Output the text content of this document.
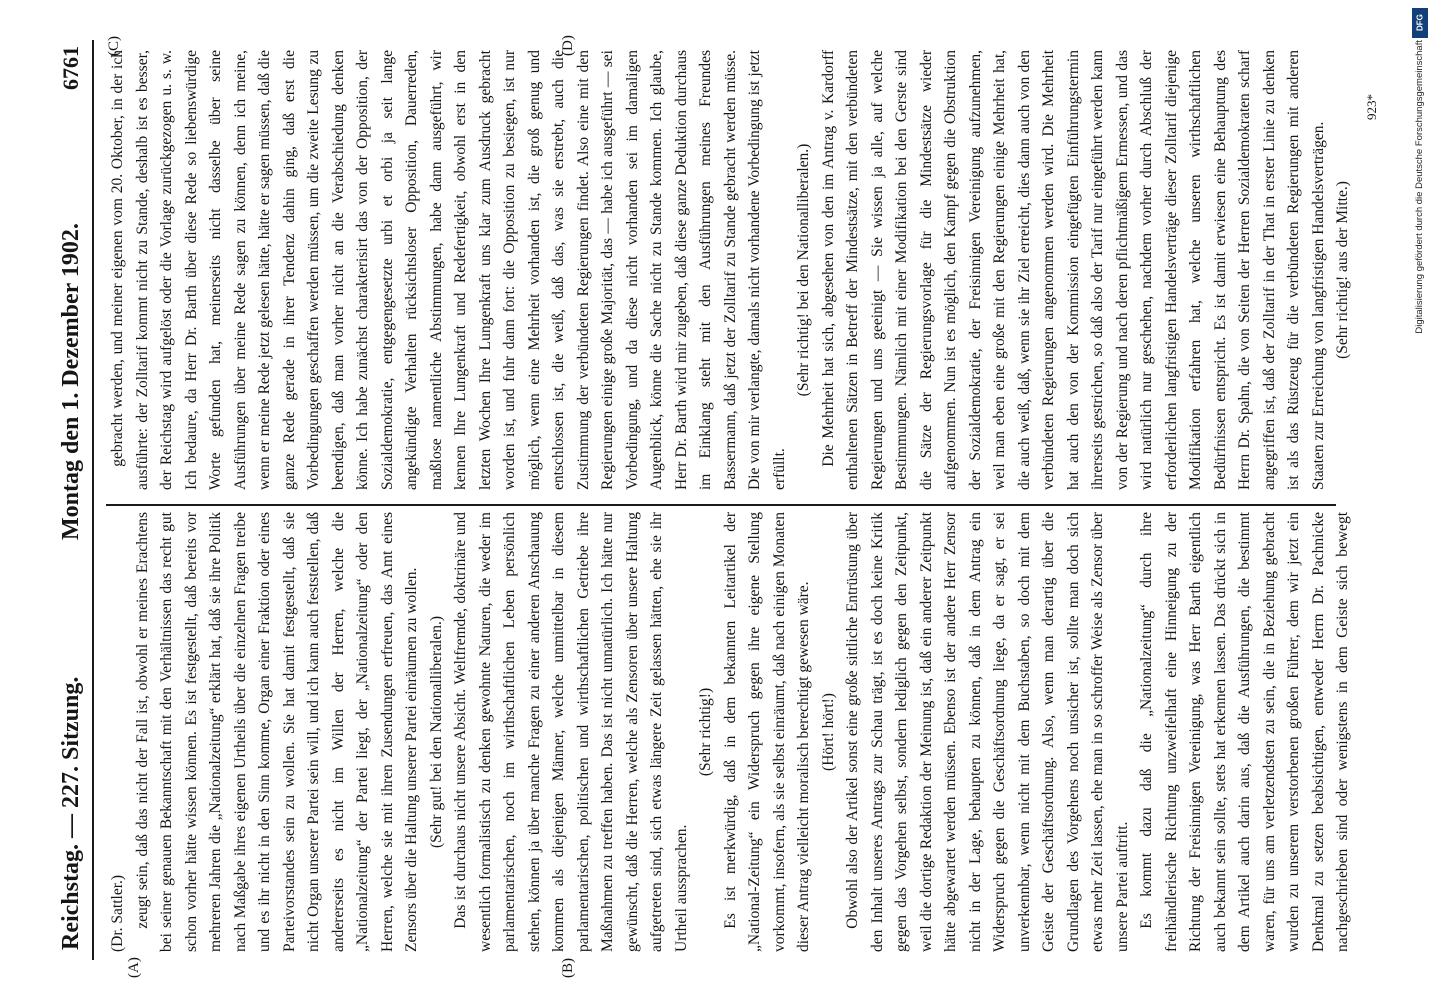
Reichstag. — 227. Sitzung.
Montag den 1. Dezember 1902.
6761
(A)	(B)
(C)	(D)

(Dr. Sattler.) zeugt sein, daß das nicht der Fall ist, obwohl er meines Erachtens bei seiner genauen Bekanntschaft mit den Verhältnissen das recht gut schon vorher hätte wissen können. Es ist festgestellt, daß bereits vor mehreren Jahren die „Nationalzeitung“ erklärt hat, daß sie ihre Politik nach Maßgabe ihres eigenen Urtheils über die einzelnen Fragen treibe und es ihr nicht in den Sinn komme, Organ einer Fraktion oder eines Parteivorstandes sein zu wollen. Sie hat damit festgestellt, daß sie nicht Organ unserer Partei sein will, und ich kann auch feststellen, daß andererseits es nicht im Willen der Herren, welche die „Nationalzeitung“ der Partei liegt, der „Nationalzeitung“ oder den Herren, welche sie mit ihren Zusendungen erfreuen, das Amt eines Zensors über die Haltung unserer Partei einräumen zu wollen. (Sehr gut! bei den Nationalliberalen.) Das ist durchaus nicht unsere Absicht. Weltfremde, doktrinäre und wesentlich formalistisch zu denken gewohnte Naturen, die weder im parlamentarischen, noch im wirthschaftlichen Leben persönlich stehen, können ja über manche Fragen zu einer anderen Anschauung kommen als diejenigen Männer, welche unmittelbar in diesem parlamentarischen, politischen und wirthschaftlichen Getriebe ihre Maßnahmen zu treffen haben. Das ist nicht unnatürlich. Ich hätte nur gewünscht, daß die Herren, welche als Zensoren über unsere Haltung aufgetreten sind, sich etwas längere Zeit gelassen hätten, ehe sie ihr Urtheil aussprachen.

(Sehr richtig!) Es ist merkwürdig, daß in dem bekannten Leitartikel der „National-Zeitung“ ein Widerspruch gegen ihre eigene Stellung vorkommt, insofern, als sie selbst einräumt, daß nach einigen Monaten dieser Antrag vielleicht moralisch berechtigt gewesen wäre. (Hört! hört!) Obwohl also der Artikel sonst eine große sittliche Entrüstung über den Inhalt unseres Antrags zur Schau trägt, ist es doch keine Kritik gegen das Vorgehen selbst, sondern lediglich gegen den Zeitpunkt, weil die dortige Redaktion der Meinung ist, daß ein anderer Zeitpunkt hätte abgewartet werden müssen. Ebenso ist der andere Herr Zensor nicht in der Lage, behaupten zu können, daß in dem Antrag ein Widerspruch gegen die Geschäftsordnung liege, da er sagt, er sei unverkennbar, wenn nicht mit dem Buchstaben, so doch mit dem Geiste der Geschäftsordnung. Also, wenn man derartig über die Grundlagen des Vorgehens noch unsicher ist, sollte man doch sich etwas mehr Zeit lassen, ehe man in so schroffer Weise als Zensor über unsere Partei auftritt. Es kommt dazu daß die „Nationalzeitung“ durch ihre freihändlerische Richtung unzweifelhaft eine Hinneigung zu der Richtung der Freisinnigen Vereinigung, was Herr Barth eigentlich auch bekannt sein sollte, stets hat erkennen lassen. Das drückt sich in dem Artikel auch darin aus, daß die Ausführungen, die bestimmt waren, für uns am verletzendsten zu sein, die in Beziehung gebracht wurden zu unserem verstorbenen großen Führer, dem wir jetzt ein Denkmal zu setzen beabsichtigen, entweder Herrn Dr. Pachnicke nachgeschrieben sind oder wenigstens in dem Geiste sich bewegt

gebracht werden, und meiner eigenen vom 20. Oktober, in der ich ausführte: der Zolltarif kommt nicht zu Stande, deshalb ist es besser, der Reichstag wird aufgelöst oder die Vorlage zurückgezogen u. s. w. Ich bedaure, da Herr Dr. Barth über diese Rede so liebenswürdige Worte gefunden hat, meinerseits nicht dasselbe über seine Ausführungen über meine Rede sagen zu können, denn ich meine, wenn er meine Rede jetzt gelesen hätte, hätte er sagen müssen, daß die ganze Rede gerade in ihrer Tendenz dahin ging, daß erst die Vorbedingungen geschaffen werden müssen, um die zweite Lesung zu beendigen, daß man vorher nicht an die Verabschiedung denken könne. Ich habe zunächst charakterisirt das von der Opposition, der Sozialdemokratie, entgegengesetzte urbi et orbi ja seit lange angekündigte Verhalten rücksichtsloser Opposition, Dauerreden, maßlose namentliche Abstimmungen, habe dann ausgeführt, wir kennen Ihre Lungenkraft und Redefertigkeit, obwohl erst in den letzten Wochen Ihre Lungenkraft uns klar zum Ausdruck gebracht worden ist, und fuhr dann fort: die Opposition zu besiegen, ist nur möglich, wenn eine Mehrheit vorhanden ist, die groß genug und entschlossen ist, die weiß, daß das, was sie erstrebt, auch die Zustimmung der verbündeten Regierungen findet. Also eine mit den Regierungen einige große Majorität, das — habe ich ausgeführt — sei Vorbedingung, und da diese nicht vorhanden sei im damaligen Augenblick, könne die Sache nicht zu Stande kommen. Ich glaube, Herr Dr. Barth wird mir zugeben, daß diese ganze Deduktion durchaus im Einklang steht mit den Ausführungen meines Freundes Bassermann, daß jetzt der Zolltarif zu Stande gebracht werden müsse. Die von mir verlangte, damals nicht vorhandene Vorbedingung ist jetzt erfüllt.

(Sehr richtig! bei den Nationalliberalen.) Die Mehrheit hat sich, abgesehen von den im Antrag v. Kardorff enthaltenen Sätzen in Betreff der Mindestsätze, mit den verbündeten Regierungen und uns geeinigt — Sie wissen ja alle, auf welche Bestimmungen. Nämlich mit einer Modifikation bei den Gerste sind die Sätze der Regierungsvorlage für die Mindestsätze wieder aufgenommen. Nun ist es möglich, den Kampf gegen die Obstruktion der Sozialdemokratie, der Freisinnigen Vereinigung aufzunehmen, weil man eben eine große mit den Regierungen einige Mehrheit hat, die auch weiß, daß, wenn sie ihr Ziel erreicht, dies dann auch von den verbündeten Regierungen angenommen werden wird. Die Mehrheit hat auch den von der Kommission eingefügten Einführungstermin ihrerseits gestrichen, so daß also der Tarif nur eingeführt werden kann von der Regierung und nach deren pflichtmäßigem Ermessen, und das wird natürlich nur geschehen, nachdem vorher durch Abschluß der erforderlichen langfristigen Handelsverträge dieser Zolltarif diejenige Modifikation erfahren hat, welche unseren wirthschaftlichen Bedürfnissen entspricht. Es ist damit erwiesen eine Behauptung des Herrn Dr. Spahn, die von Seiten der Herren Sozialdemokraten scharf angegriffen ist, daß der Zolltarif in der That in erster Linie zu denken ist als das Rüstzeug für die verbündeten Regierungen mit anderen Staaten zur Erreichung von langfristigen Handelsverträgen. (Sehr richtig! aus der Mitte.)

923*	Digitalisierung gefördert durch die Deutsche Forschungsgemeinschaft
DFG
